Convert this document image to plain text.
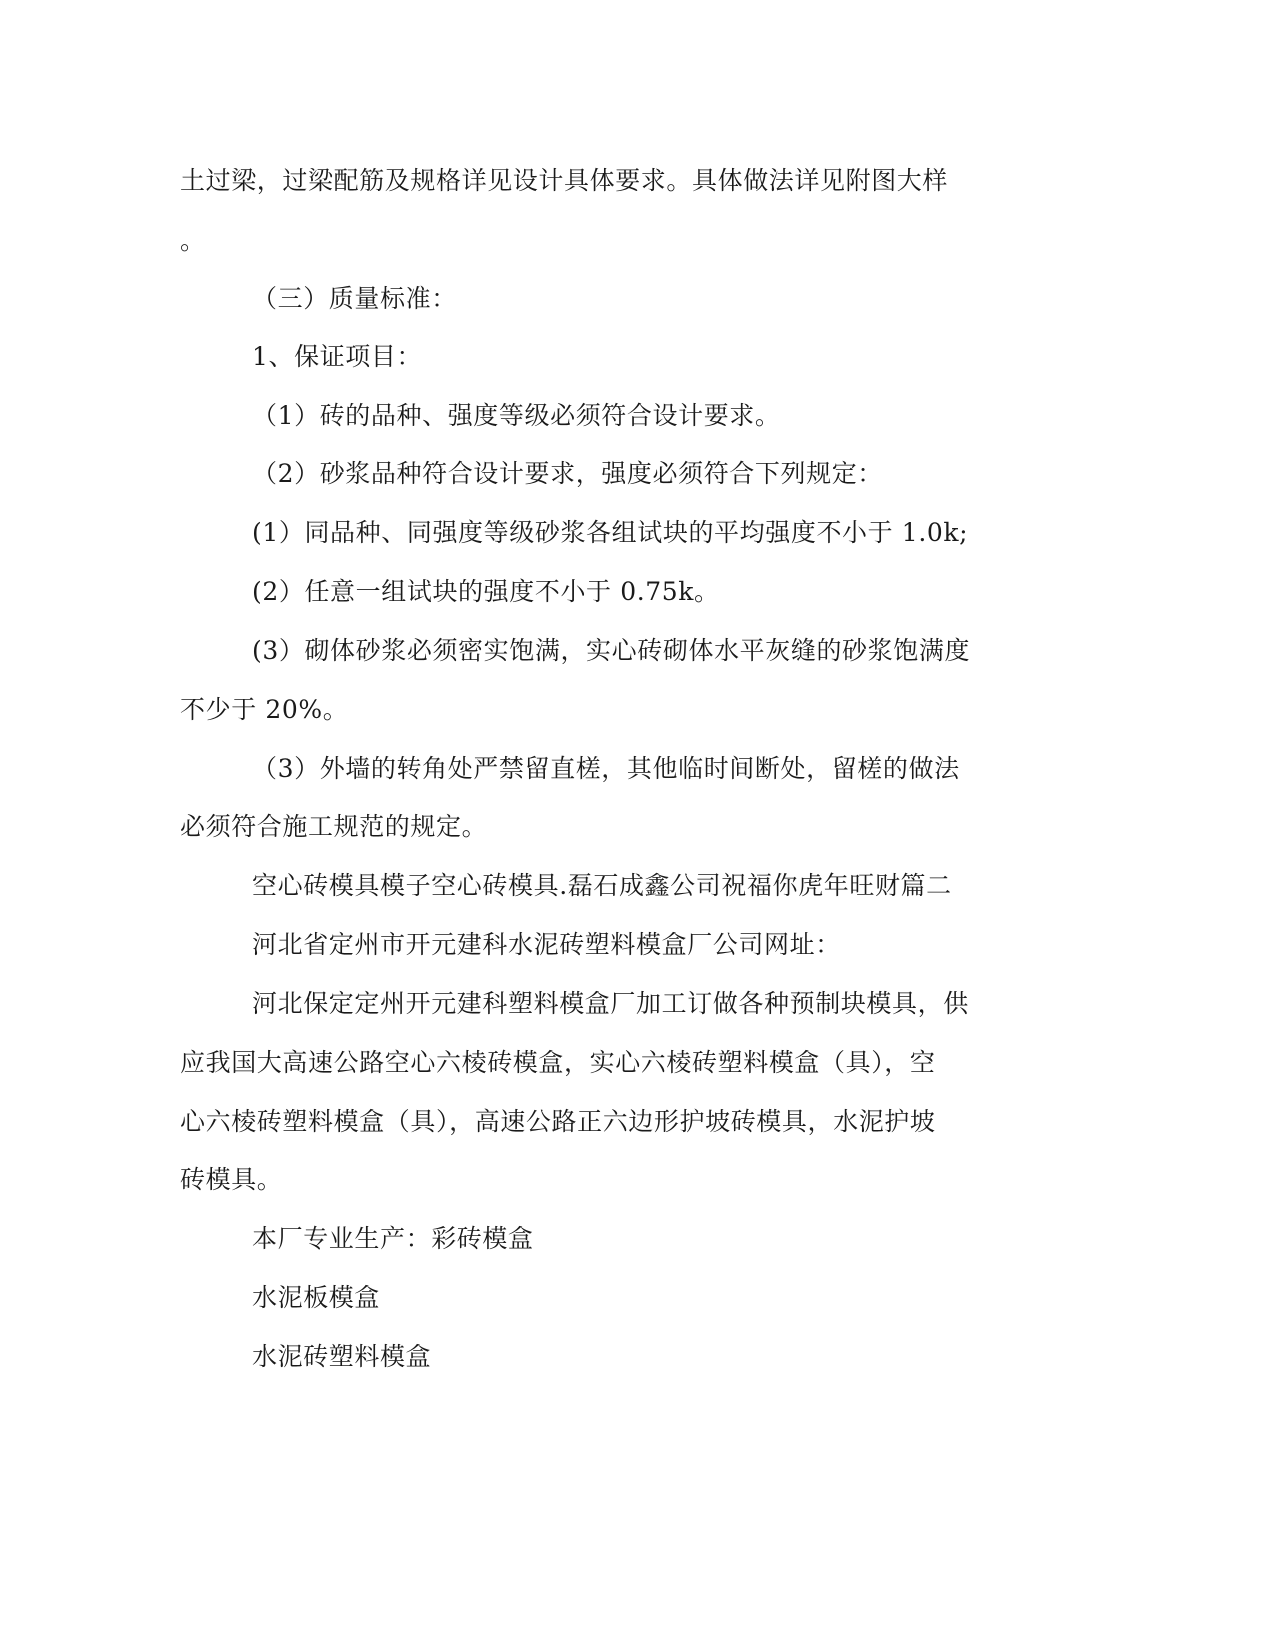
土过梁，过梁配筋及规格详见设计具体要求。具体做法详见附图大样
。
（三）质量标准：
1、保证项目：
（1）砖的品种、强度等级必须符合设计要求。
（2）砂浆品种符合设计要求，强度必须符合下列规定：
(1）同品种、同强度等级砂浆各组试块的平均强度不小于 1.0k;
(2）任意一组试块的强度不小于 0.75k。
(3）砌体砂浆必须密实饱满，实心砖砌体水平灰缝的砂浆饱满度
不少于 20%。
（3）外墙的转角处严禁留直槎，其他临时间断处，留槎的做法
必须符合施工规范的规定。
空心砖模具模子空心砖模具.磊石成鑫公司祝福你虎年旺财篇二
河北省定州市开元建科水泥砖塑料模盒厂公司网址：
河北保定定州开元建科塑料模盒厂加工订做各种预制块模具，供
应我国大高速公路空心六棱砖模盒，实心六棱砖塑料模盒（具），空
心六棱砖塑料模盒（具），高速公路正六边形护坡砖模具，水泥护坡
砖模具。
本厂专业生产：彩砖模盒
水泥板模盒
水泥砖塑料模盒
